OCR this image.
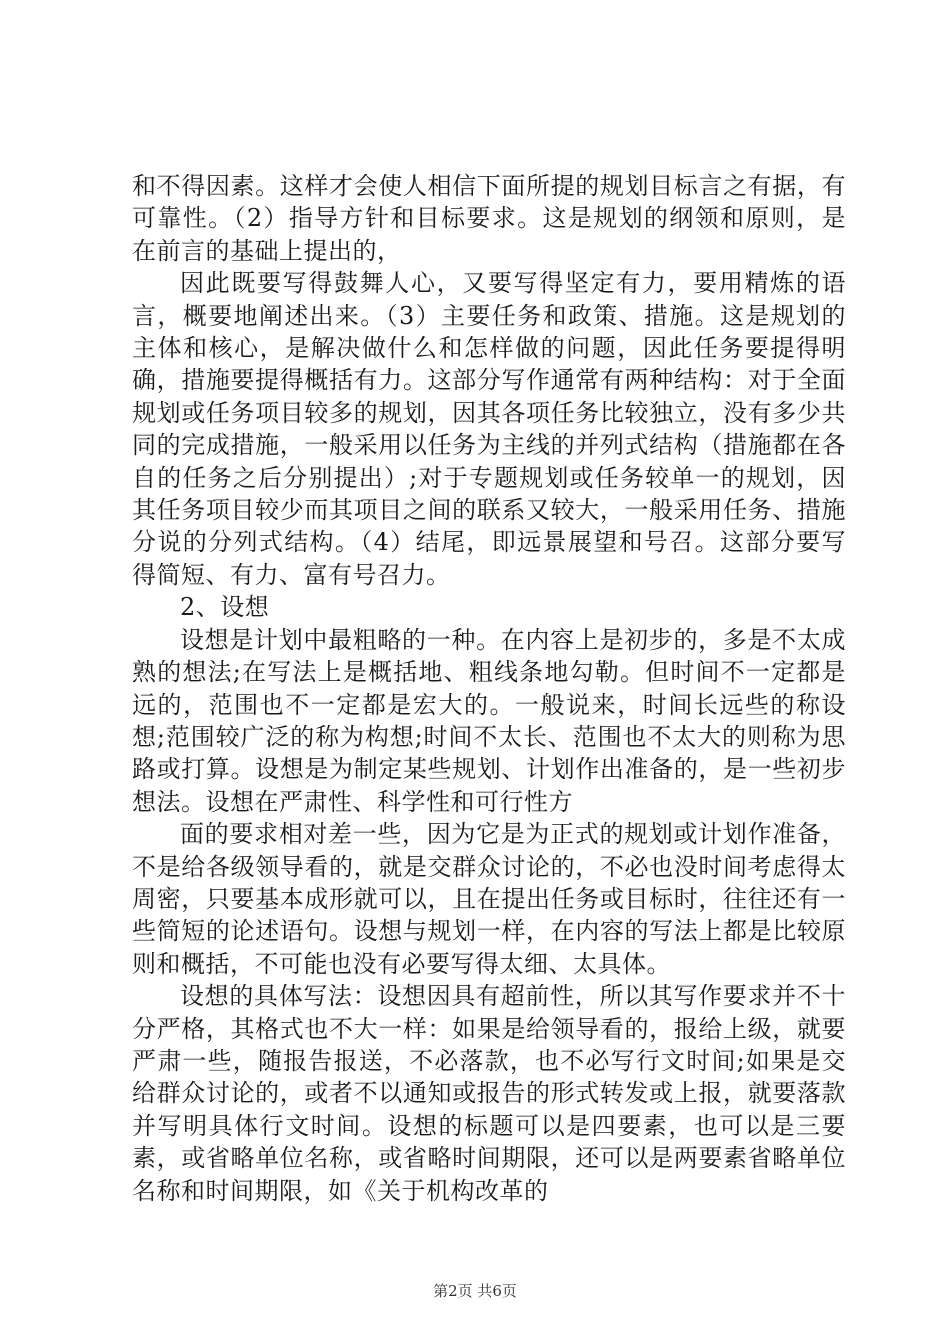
和不得因素。这样才会使人相信下面所提的规划目标言之有据，有可靠性。（2）指导方针和目标要求。这是规划的纲领和原则，是在前言的基础上提出的，

因此既要写得鼓舞人心，又要写得坚定有力，要用精炼的语言，概要地阐述出来。（3）主要任务和政策、措施。这是规划的主体和核心，是解决做什么和怎样做的问题，因此任务要提得明确，措施要提得概括有力。这部分写作通常有两种结构：对于全面规划或任务项目较多的规划，因其各项任务比较独立，没有多少共同的完成措施，一般采用以任务为主线的并列式结构（措施都在各自的任务之后分别提出）;对于专题规划或任务较单一的规划，因其任务项目较少而其项目之间的联系又较大，一般采用任务、措施分说的分列式结构。（4）结尾，即远景展望和号召。这部分要写得简短、有力、富有号召力。

2、设想

设想是计划中最粗略的一种。在内容上是初步的，多是不太成熟的想法;在写法上是概括地、粗线条地勾勒。但时间不一定都是远的，范围也不一定都是宏大的。一般说来，时间长远些的称设想;范围较广泛的称为构想;时间不太长、范围也不太大的则称为思路或打算。设想是为制定某些规划、计划作出准备的，是一些初步想法。设想在严肃性、科学性和可行性方

面的要求相对差一些，因为它是为正式的规划或计划作准备，不是给各级领导看的，就是交群众讨论的，不必也没时间考虑得太周密，只要基本成形就可以，且在提出任务或目标时，往往还有一些简短的论述语句。设想与规划一样，在内容的写法上都是比较原则和概括，不可能也没有必要写得太细、太具体。

设想的具体写法：设想因具有超前性，所以其写作要求并不十分严格，其格式也不大一样：如果是给领导看的，报给上级，就要严肃一些，随报告报送，不必落款，也不必写行文时间;如果是交给群众讨论的，或者不以通知或报告的形式转发或上报，就要落款并写明具体行文时间。设想的标题可以是四要素，也可以是三要素，或省略单位名称，或省略时间期限，还可以是两要素省略单位名称和时间期限，如《关于机构改革的

第2页 共6页
